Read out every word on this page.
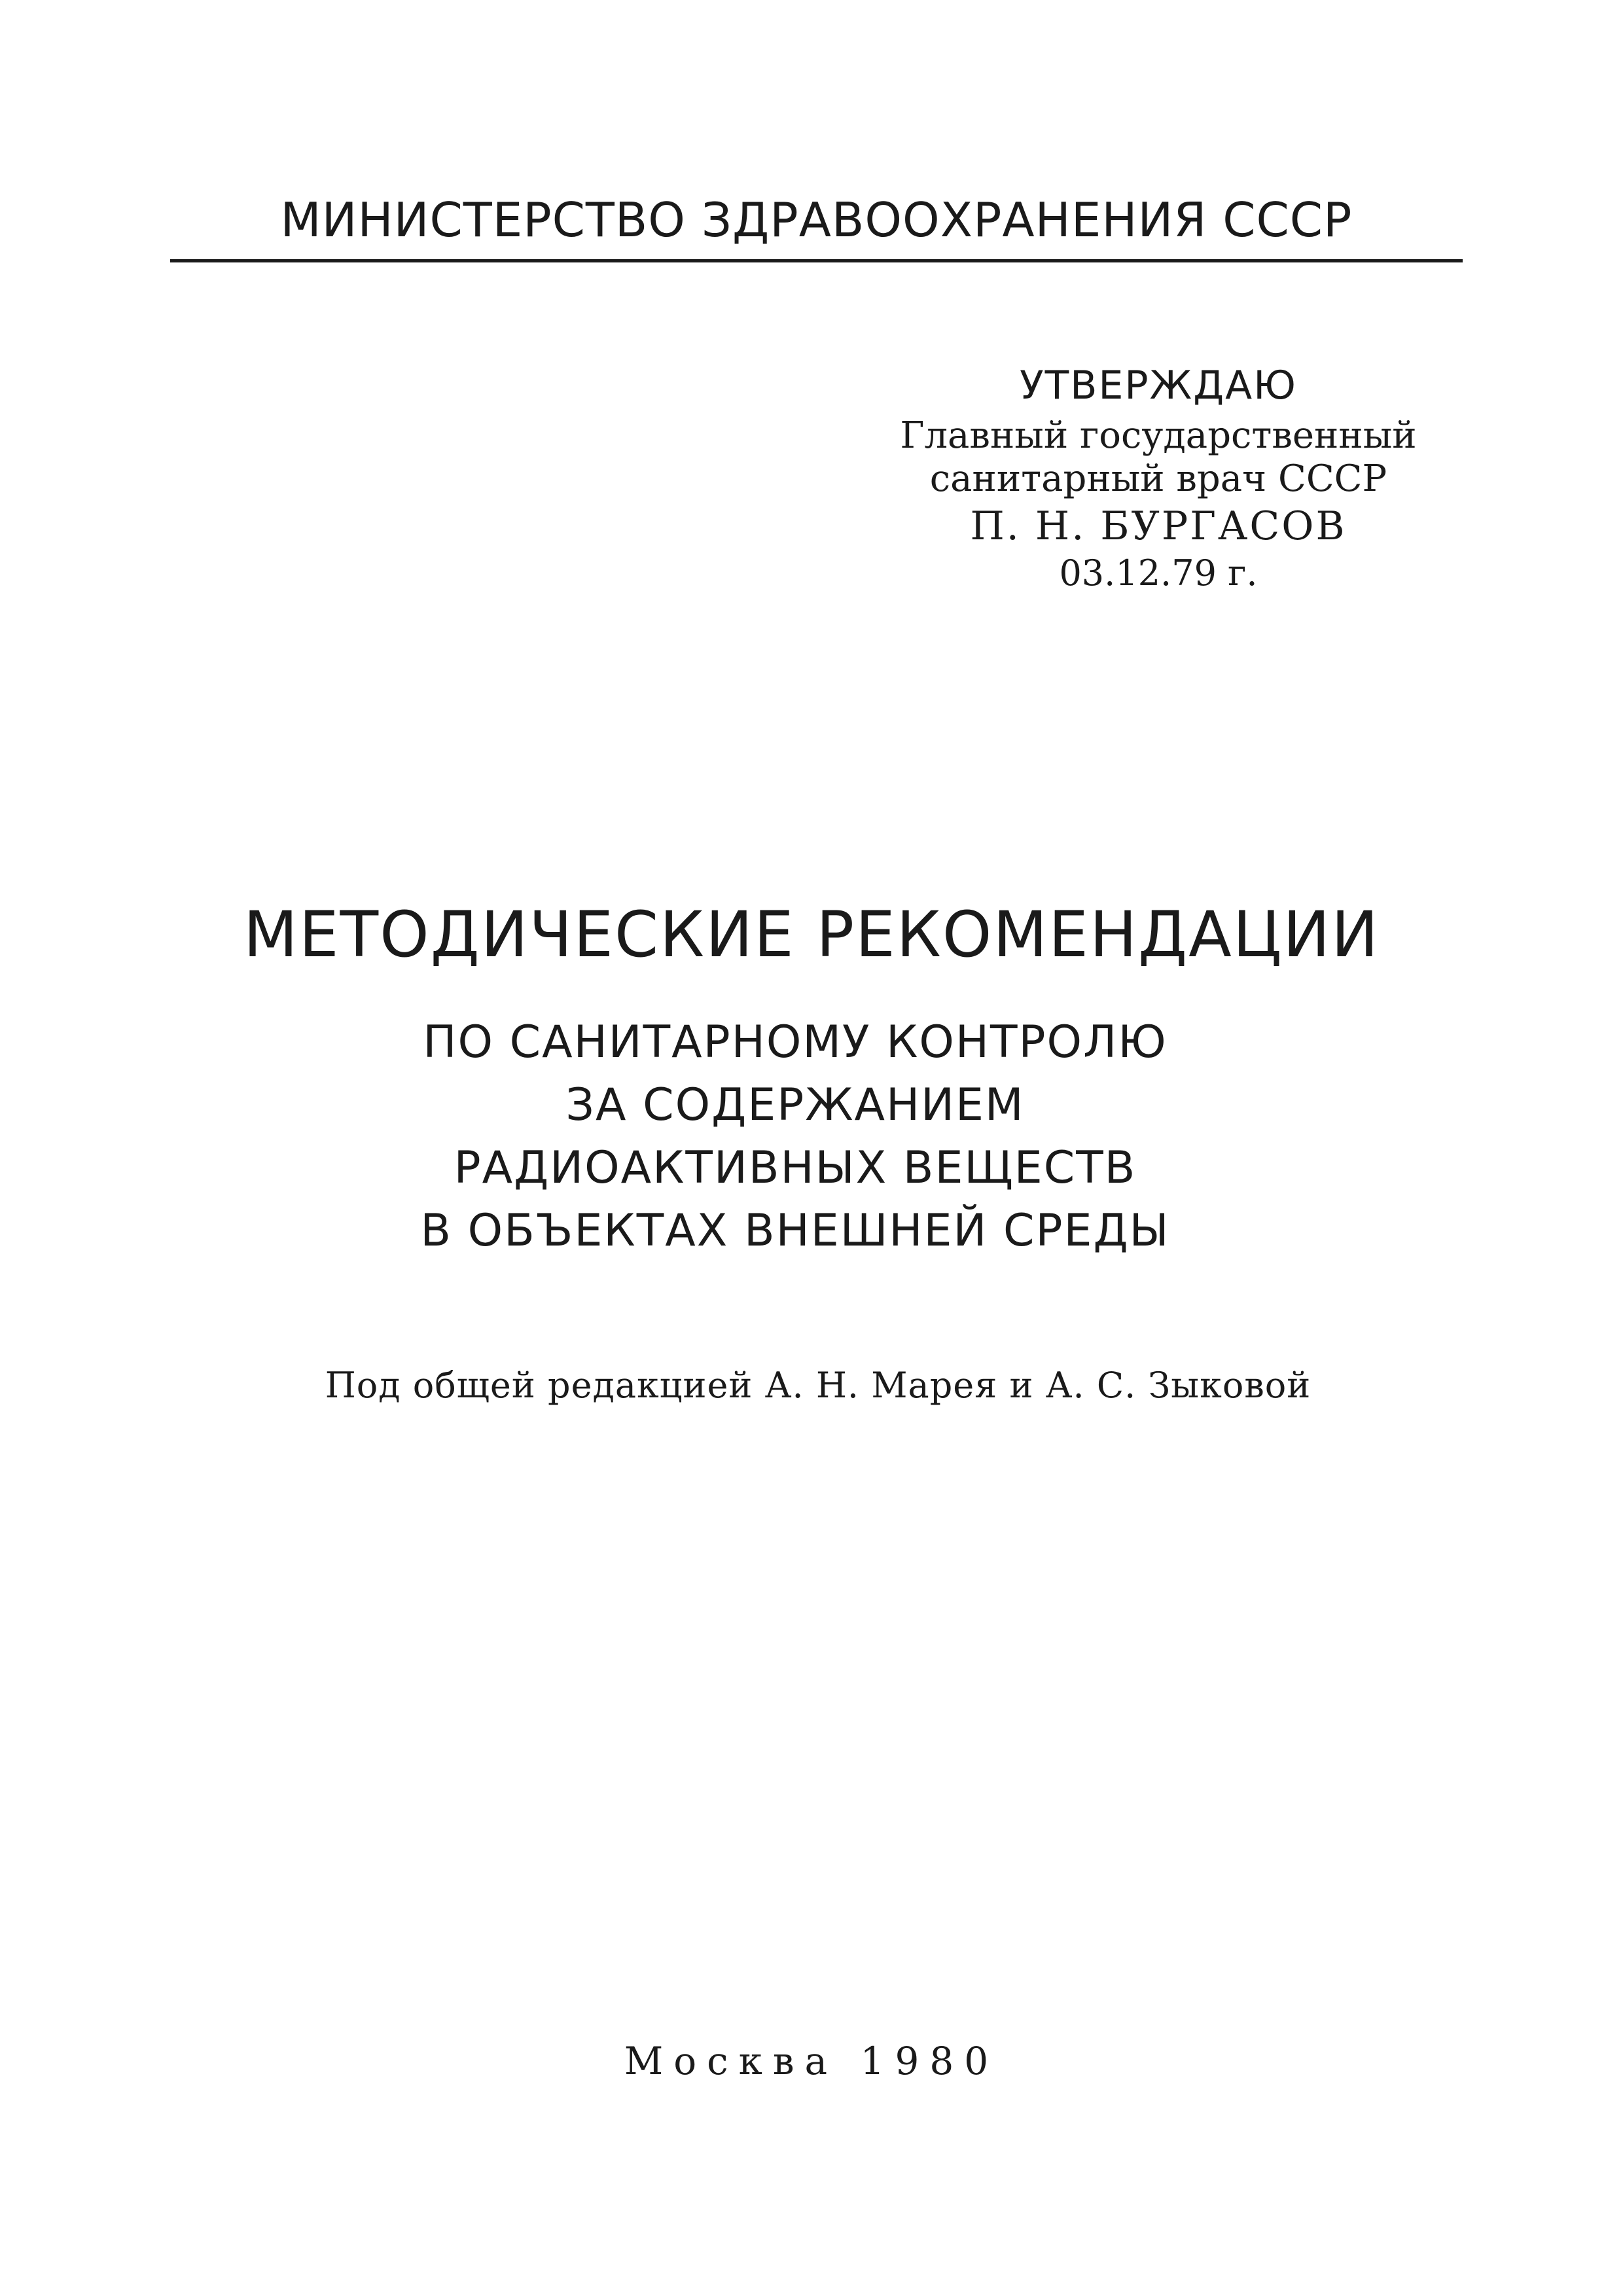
МИНИСТЕРСТВО ЗДРАВООХРАНЕНИЯ СССР
УТВЕРЖДАЮ
Главный государственный
санитарный врач СССР
П. Н. БУРГАСОВ
03.12.79 г.
МЕТОДИЧЕСКИЕ РЕКОМЕНДАЦИИ
ПО САНИТАРНОМУ КОНТРОЛЮ
ЗА СОДЕРЖАНИЕМ
РАДИОАКТИВНЫХ ВЕЩЕСТВ
В ОБЪЕКТАХ ВНЕШНЕЙ СРЕДЫ
Под общей редакцией А. Н. Марея и А. С. Зыковой
Москва 1980
